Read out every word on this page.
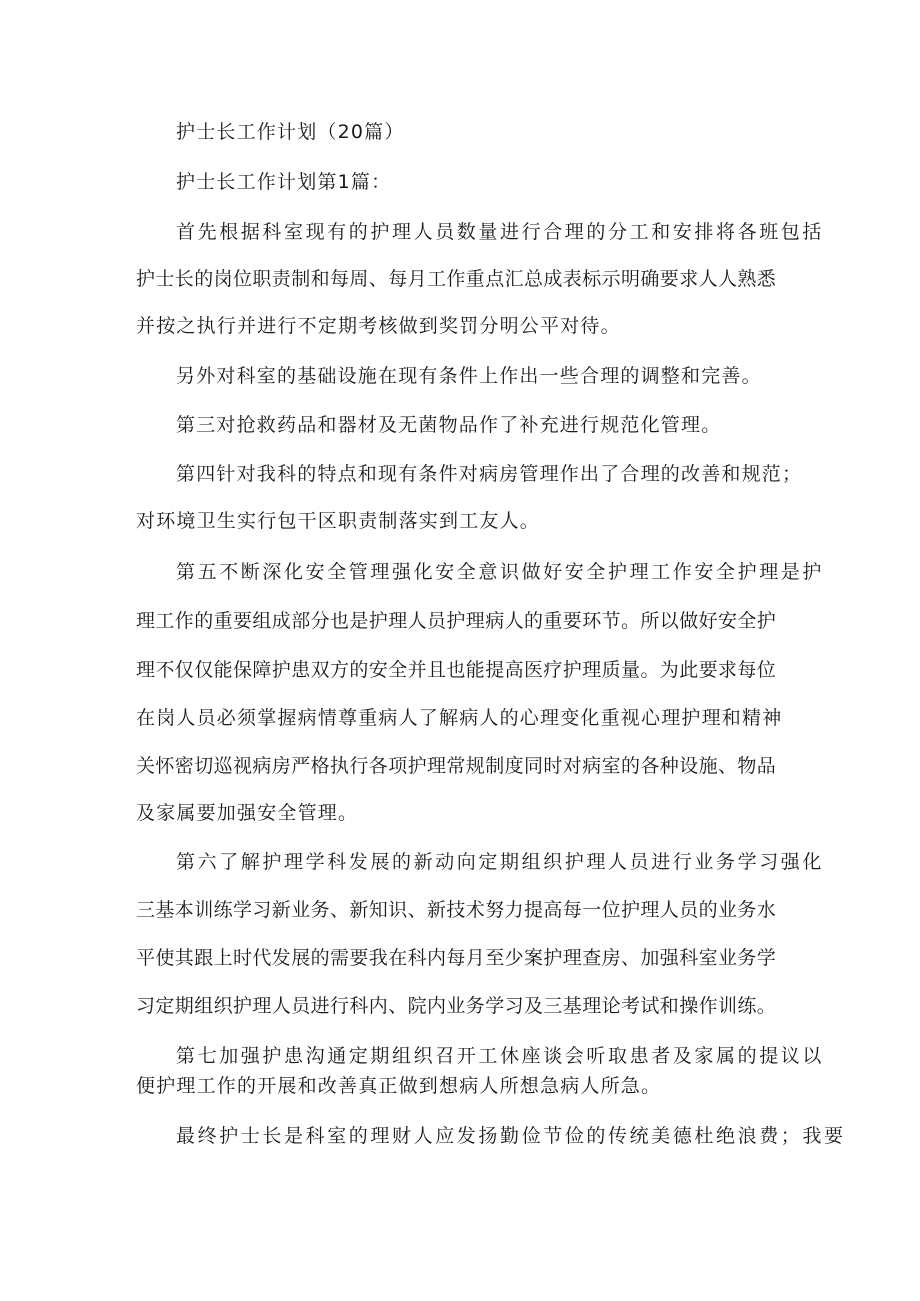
护士长工作计划（20篇）
护士长工作计划第1篇：
首先根据科室现有的护理人员数量进行合理的分工和安排将各班包括
护士长的岗位职责制和每周、每月工作重点汇总成表标示明确要求人人熟悉
并按之执行并进行不定期考核做到奖罚分明公平对待。
另外对科室的基础设施在现有条件上作出一些合理的调整和完善。
第三对抢救药品和器材及无菌物品作了补充进行规范化管理。
第四针对我科的特点和现有条件对病房管理作出了合理的改善和规范；
对环境卫生实行包干区职责制落实到工友人。
第五不断深化安全管理强化安全意识做好安全护理工作安全护理是护
理工作的重要组成部分也是护理人员护理病人的重要环节。所以做好安全护
理不仅仅能保障护患双方的安全并且也能提高医疗护理质量。为此要求每位
在岗人员必须掌握病情尊重病人了解病人的心理变化重视心理护理和精神
关怀密切巡视病房严格执行各项护理常规制度同时对病室的各种设施、物品
及家属要加强安全管理。
第六了解护理学科发展的新动向定期组织护理人员进行业务学习强化
三基本训练学习新业务、新知识、新技术努力提高每一位护理人员的业务水
平使其跟上时代发展的需要我在科内每月至少案护理查房、加强科室业务学
习定期组织护理人员进行科内、院内业务学习及三基理论考试和操作训练。
第七加强护患沟通定期组织召开工休座谈会听取患者及家属的提议以
便护理工作的开展和改善真正做到想病人所想急病人所急。
最终护士长是科室的理财人应发扬勤俭节俭的传统美德杜绝浪费；我要
